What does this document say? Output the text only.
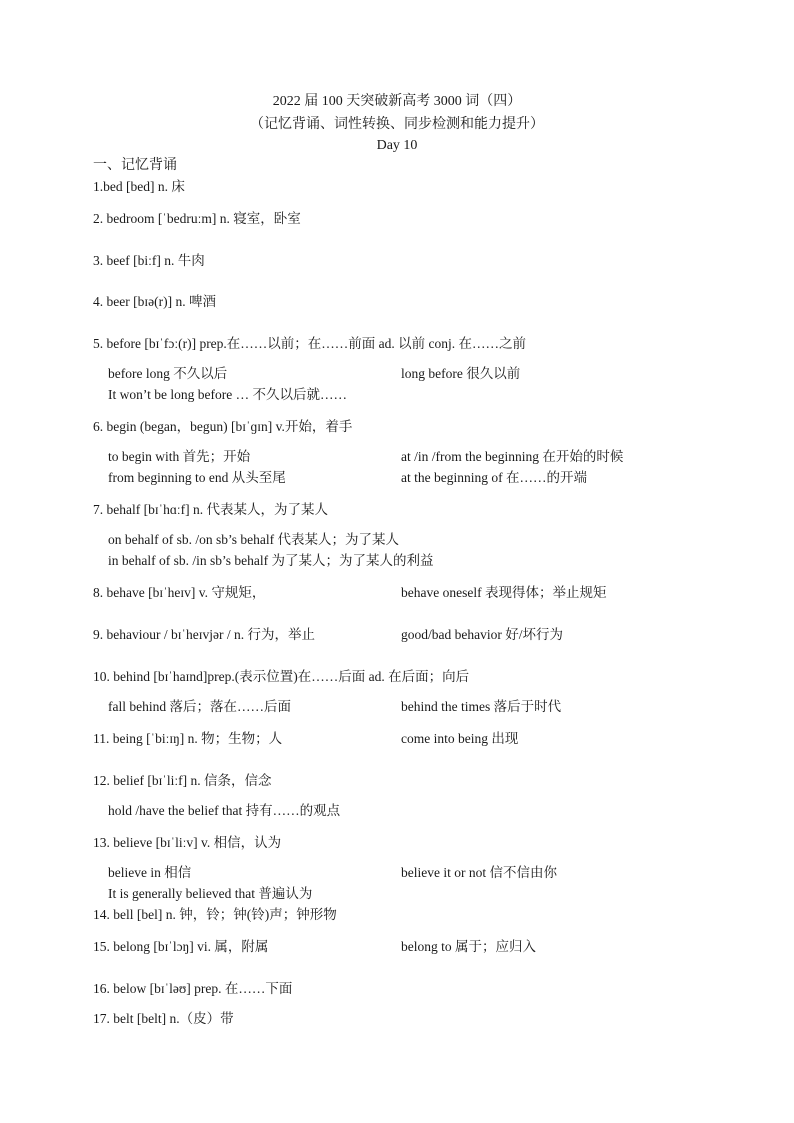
2022 届 100 天突破新高考 3000 词（四）
（记忆背诵、词性转换、同步检测和能力提升）
Day 10
一、记忆背诵
1.bed [bed] n. 床
2. bedroom [ˈbedruːm] n. 寝室，卧室
3. beef [biːf] n. 牛肉
4. beer [bɪə(r)] n. 啤酒
5. before [bɪˈfɔː(r)] prep.在……以前；在……前面 ad. 以前 conj. 在……之前
before long 不久以后	long before 很久以前
It won’t be long before … 不久以后就……
6. begin (began，begun) [bɪˈɡɪn] v.开始，着手
to begin with 首先；开始	at /in /from the beginning 在开始的时候
from beginning to end 从头至尾	at the beginning of 在……的开端
7. behalf [bɪˈhɑːf] n. 代表某人，为了某人
on behalf of sb. /on sb’s behalf 代表某人；为了某人
in behalf of sb. /in sb’s behalf 为了某人；为了某人的利益
8. behave [bɪˈheɪv] v. 守规矩，	behave oneself 表现得体；举止规矩
9. behaviour / bɪˈheɪvjər / n. 行为，举止	good/bad behavior 好/坏行为
10. behind [bɪˈhaɪnd]prep.(表示位置)在……后面 ad. 在后面；向后
fall behind 落后；落在……后面	behind the times 落后于时代
11. being [ˈbiːɪŋ] n. 物；生物；人	come into being 出现
12. belief [bɪˈliːf] n. 信条，信念
hold /have the belief that 持有……的观点
13. believe [bɪˈliːv] v. 相信，认为
believe in 相信	believe it or not 信不信由你
It is generally believed that 普遍认为
14. bell [bel] n. 钟，铃；钟(铃)声；钟形物
15. belong [bɪˈlɔŋ] vi. 属，附属	belong to 属于；应归入
16. below [bɪˈləʊ] prep. 在……下面
17. belt [belt] n.（皮）带
